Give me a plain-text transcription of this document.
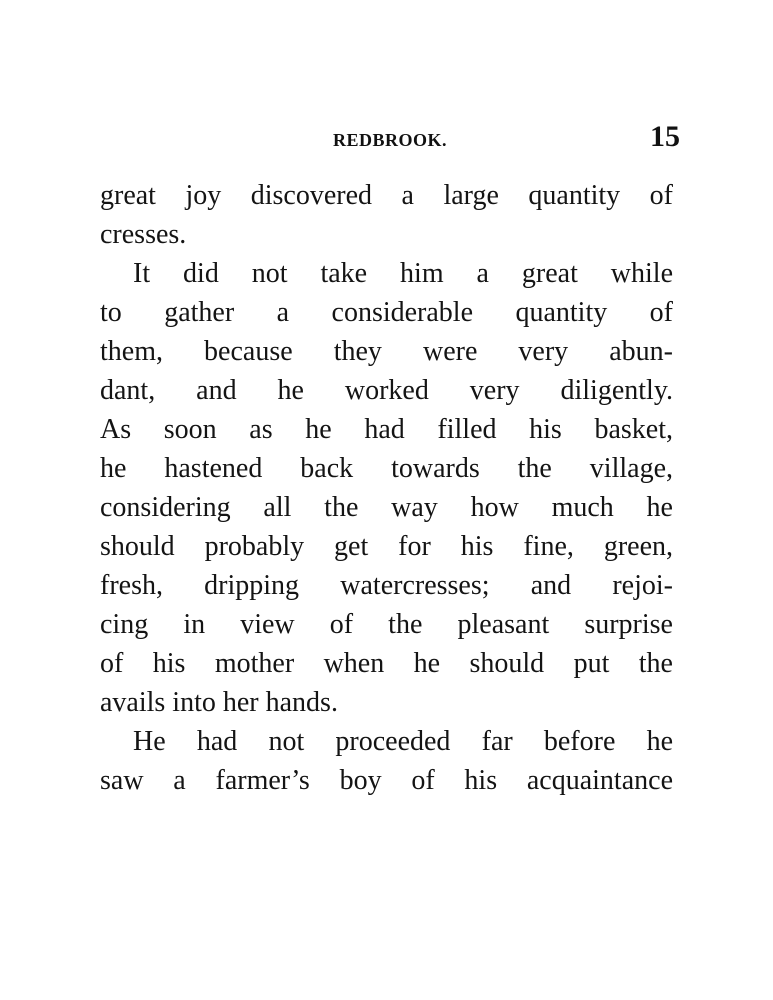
REDBROOK.	15
great joy discovered a large quantity of
cresses.
It did not take him a great while
to gather a considerable quantity of
them, because they were very abun-
dant, and he worked very diligently.
As soon as he had filled his basket,
he hastened back towards the village,
considering all the way how much he
should probably get for his fine, green,
fresh, dripping watercresses; and rejoi-
cing in view of the pleasant surprise
of his mother when he should put the
avails into her hands.
He had not proceeded far before he
saw a farmer’s boy of his acquaintance
